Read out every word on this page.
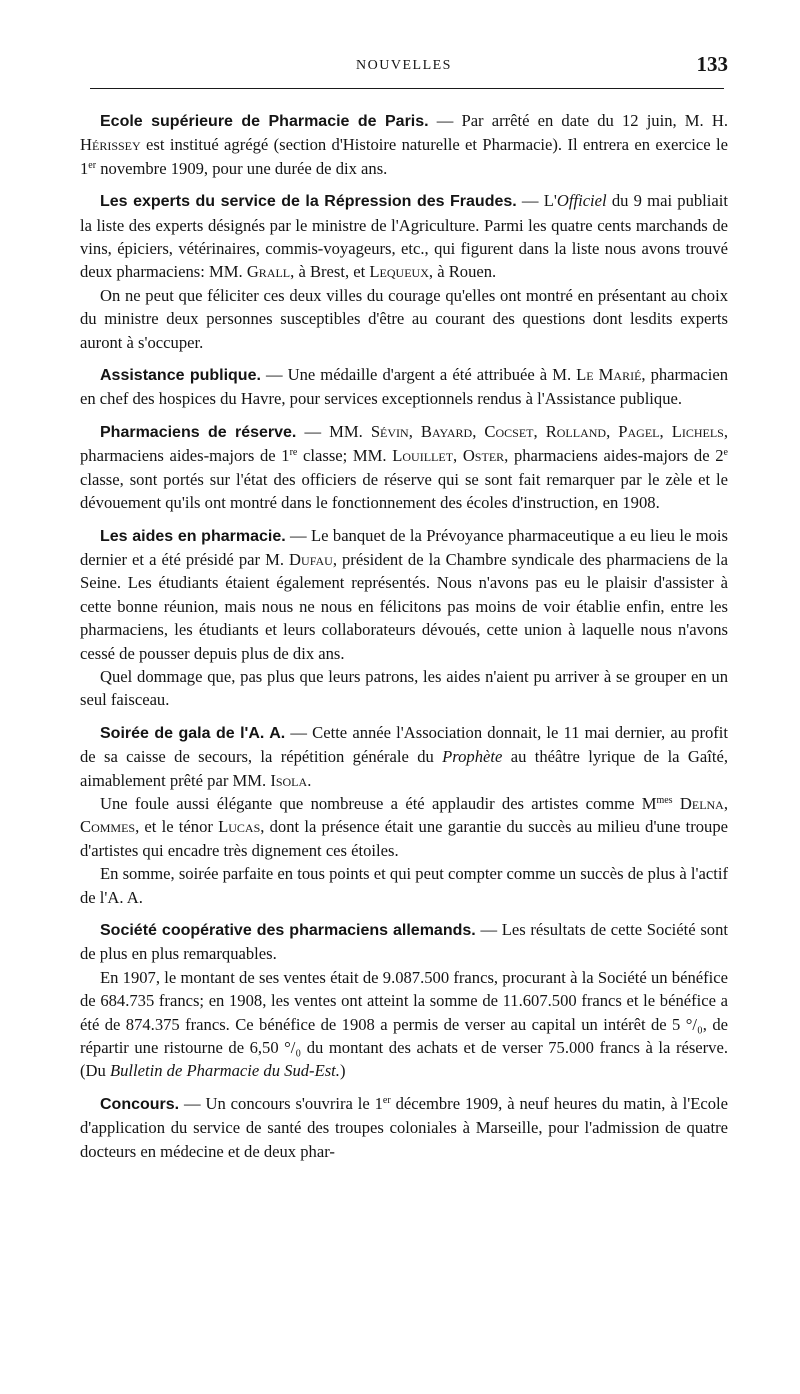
NOUVELLES	133

Ecole supérieure de Pharmacie de Paris. — Par arrêté en date du 12 juin, M. H. Hérissey est institué agrégé (section d'Histoire naturelle et Pharmacie). Il entrera en exercice le 1er novembre 1909, pour une durée de dix ans.

Les experts du service de la Répression des Fraudes. — L'Officiel du 9 mai publiait la liste des experts désignés par le ministre de l'Agriculture. Parmi les quatre cents marchands de vins, épiciers, vétérinaires, commis-voyageurs, etc., qui figurent dans la liste nous avons trouvé deux pharmaciens: MM. Grall, à Brest, et Lequeux, à Rouen.

On ne peut que féliciter ces deux villes du courage qu'elles ont montré en présentant au choix du ministre deux personnes susceptibles d'être au courant des questions dont lesdits experts auront à s'occuper.

Assistance publique. — Une médaille d'argent a été attribuée à M. Le Marié, pharmacien en chef des hospices du Havre, pour services exceptionnels rendus à l'Assistance publique.

Pharmaciens de réserve. — MM. Sévin, Bayard, Cocset, Rolland, Pagel, Lichels, pharmaciens aides-majors de 1re classe; MM. Louillet, Oster, pharmaciens aides-majors de 2e classe, sont portés sur l'état des officiers de réserve qui se sont fait remarquer par le zèle et le dévouement qu'ils ont montré dans le fonctionnement des écoles d'instruction, en 1908.

Les aides en pharmacie. — Le banquet de la Prévoyance pharmaceutique a eu lieu le mois dernier et a été présidé par M. Dufau, président de la Chambre syndicale des pharmaciens de la Seine. Les étudiants étaient également représentés. Nous n'avons pas eu le plaisir d'assister à cette bonne réunion, mais nous ne nous en félicitons pas moins de voir établie enfin, entre les pharmaciens, les étudiants et leurs collaborateurs dévoués, cette union à laquelle nous n'avons cessé de pousser depuis plus de dix ans.

Quel dommage que, pas plus que leurs patrons, les aides n'aient pu arriver à se grouper en un seul faisceau.

Soirée de gala de l'A. A. — Cette année l'Association donnait, le 11 mai dernier, au profit de sa caisse de secours, la répétition générale du Prophète au théâtre lyrique de la Gaîté, aimablement prêté par MM. Isola.

Une foule aussi élégante que nombreuse a été applaudir des artistes comme $M^{mes}$ Delna, Commes, et le ténor Lucas, dont la présence était une garantie du succès au milieu d'une troupe d'artistes qui encadre très dignement ces étoiles.

En somme, soirée parfaite en tous points et qui peut compter comme un succès de plus à l'actif de l'A. A.

Société coopérative des pharmaciens allemands. — Les résultats de cette Société sont de plus en plus remarquables.

En 1907, le montant de ses ventes était de 9.087.500 francs, procurant à la Société un bénéfice de 684.735 francs; en 1908, les ventes ont atteint la somme de 11.607.500 francs et le bénéfice a été de 874.375 francs. Ce bénéfice de 1908 a permis de verser au capital un intérêt de 5 °/₀, de répartir une ristourne de 6,50 °/₀ du montant des achats et de verser 75.000 francs à la réserve. (Du Bulletin de Pharmacie du Sud-Est.)

Concours. — Un concours s'ouvrira le 1er décembre 1909, à neuf heures du matin, à l'Ecole d'application du service de santé des troupes coloniales à Marseille, pour l'admission de quatre docteurs en médecine et de deux phar-
